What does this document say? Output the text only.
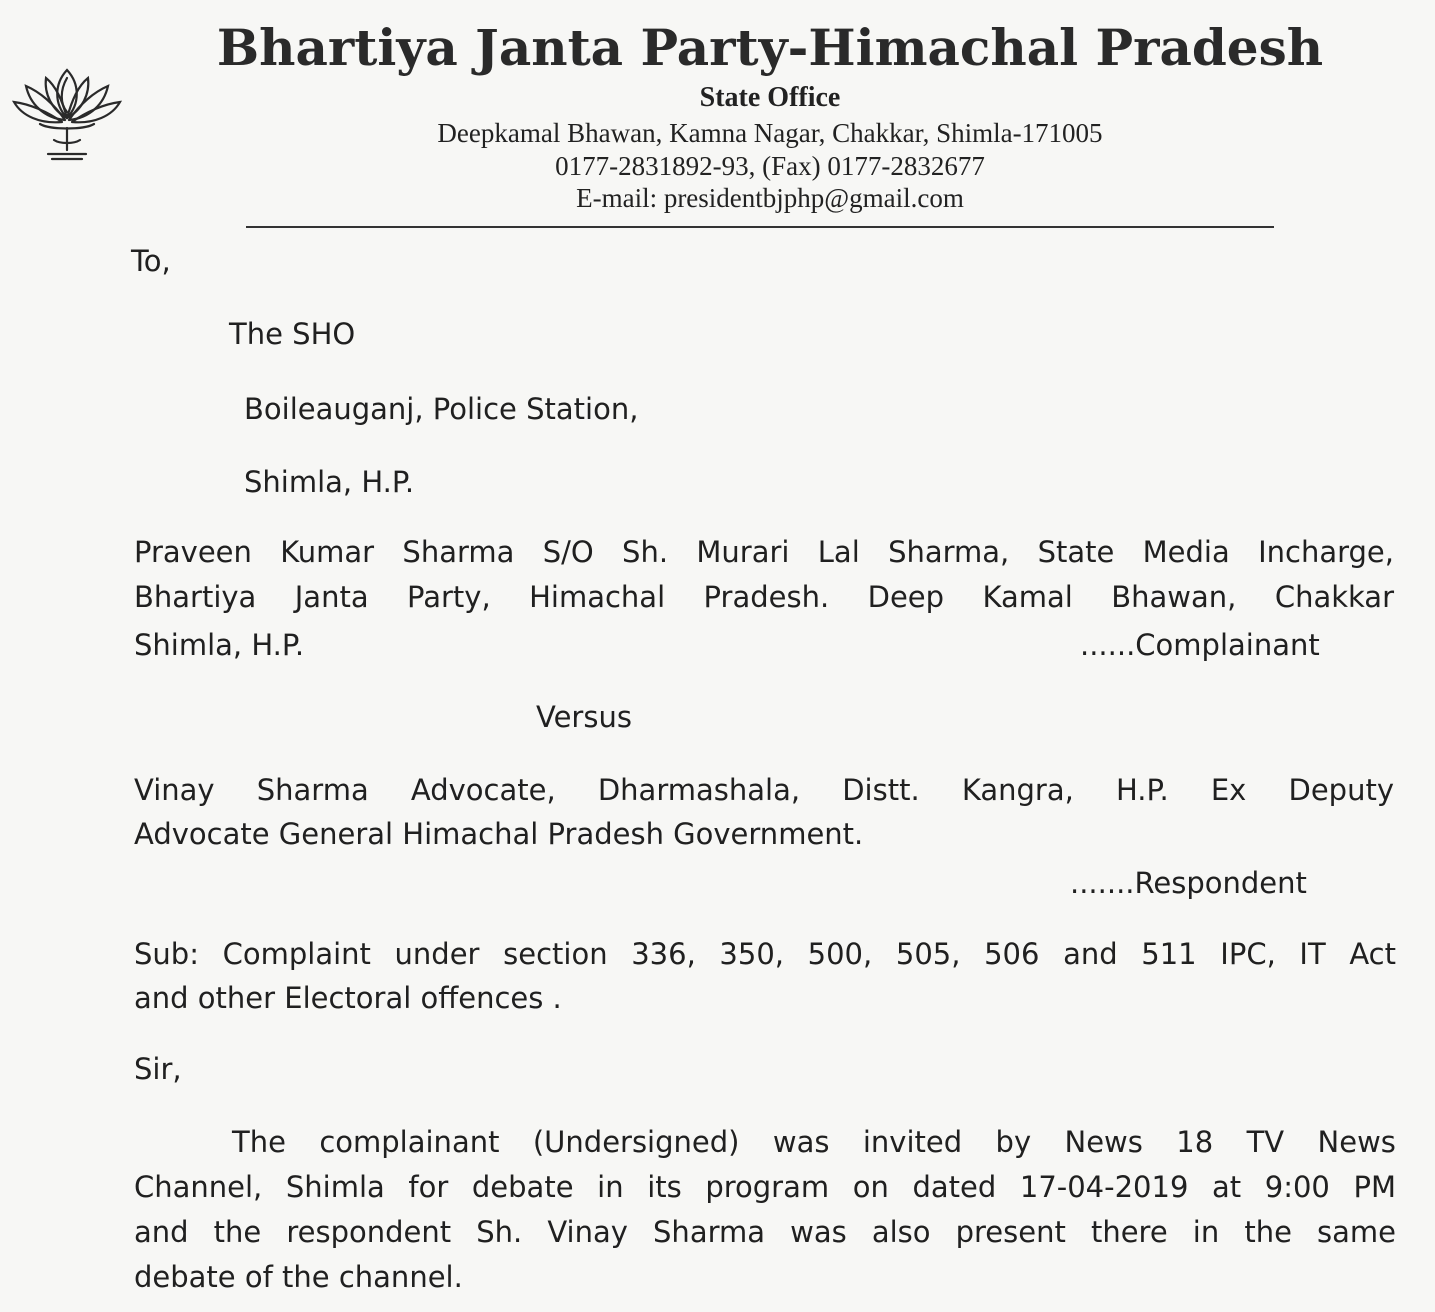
Bhartiya Janta Party-Himachal Pradesh
State Office
Deepkamal Bhawan, Kamna Nagar, Chakkar, Shimla-171005
0177-2831892-93, (Fax) 0177-2832677
E-mail: presidentbjphp@gmail.com
To,
The SHO
Boileauganj, Police Station,
Shimla, H.P.
Praveen Kumar Sharma S/O Sh. Murari Lal Sharma, State Media Incharge,
Bhartiya Janta Party, Himachal Pradesh. Deep Kamal Bhawan, Chakkar
Shimla, H.P.	......Complainant
Versus
Vinay Sharma Advocate, Dharmashala, Distt. Kangra, H.P. Ex Deputy
Advocate General Himachal Pradesh Government.
.......Respondent
Sub: Complaint under section 336, 350, 500, 505, 506 and 511 IPC, IT Act
and other Electoral offences .
Sir,
The complainant (Undersigned) was invited by News 18 TV News
Channel, Shimla for debate in its program on dated 17-04-2019 at 9:00 PM
and the respondent Sh. Vinay Sharma was also present there in the same
debate of the channel.
